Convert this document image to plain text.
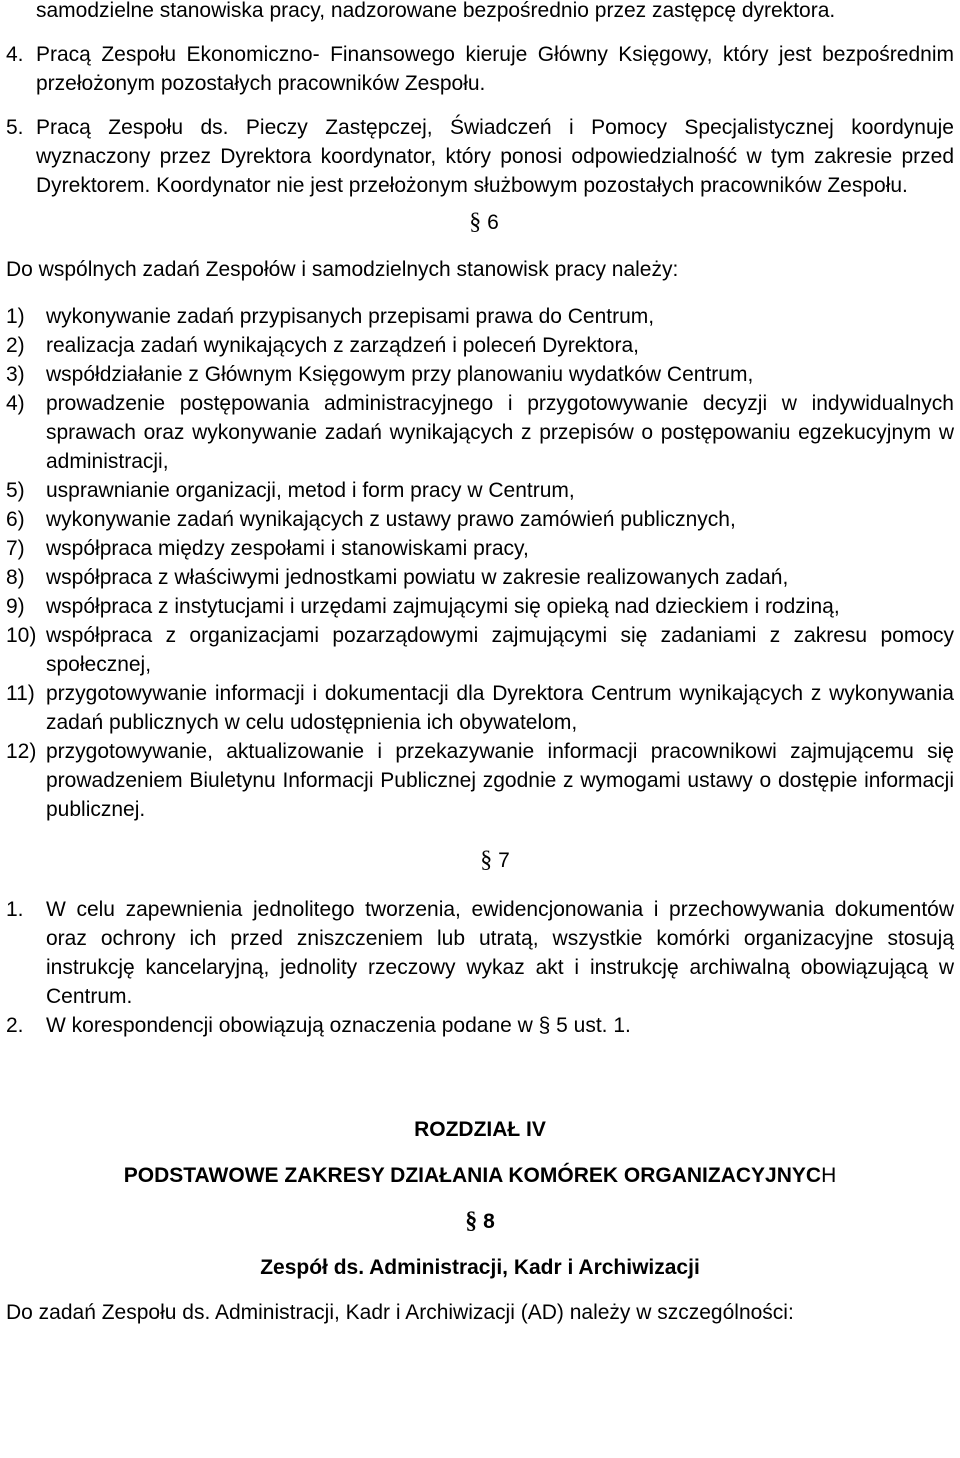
samodzielne stanowiska pracy, nadzorowane bezpośrednio przez zastępcę dyrektora.
4. Pracą Zespołu Ekonomiczno- Finansowego kieruje Główny Księgowy, który jest bezpośrednim przełożonym pozostałych pracowników Zespołu.
5. Pracą Zespołu ds. Pieczy Zastępczej, Świadczeń i Pomocy Specjalistycznej koordynuje wyznaczony przez Dyrektora koordynator, który ponosi odpowiedzialność w tym zakresie przed Dyrektorem. Koordynator nie jest przełożonym służbowym pozostałych pracowników Zespołu.
§ 6
Do wspólnych zadań Zespołów i samodzielnych stanowisk pracy należy:
1)	wykonywanie zadań przypisanych przepisami prawa do Centrum,
2)	realizacja zadań wynikających z zarządzeń i poleceń Dyrektora,
3)	współdziałanie z Głównym Księgowym przy planowaniu wydatków Centrum,
4)	prowadzenie postępowania administracyjnego i przygotowywanie decyzji w indywidualnych sprawach oraz wykonywanie zadań wynikających z przepisów o postępowaniu egzekucyjnym w administracji,
5)	usprawnianie organizacji, metod i form pracy w Centrum,
6)	wykonywanie zadań wynikających z ustawy prawo zamówień publicznych,
7)	współpraca między zespołami i stanowiskami pracy,
8)	współpraca z właściwymi jednostkami powiatu w zakresie realizowanych zadań,
9)	współpraca z instytucjami i urzędami zajmującymi się opieką nad dzieckiem i rodziną,
10) współpraca z organizacjami pozarządowymi zajmującymi się zadaniami z zakresu pomocy społecznej,
11) przygotowywanie informacji i dokumentacji dla Dyrektora Centrum wynikających z wykonywania zadań publicznych w celu udostępnienia ich obywatelom,
12) przygotowywanie, aktualizowanie i przekazywanie informacji pracownikowi zajmującemu się prowadzeniem Biuletynu Informacji Publicznej zgodnie z wymogami ustawy o dostępie informacji publicznej.
§ 7
1.	W celu zapewnienia jednolitego tworzenia, ewidencjonowania i przechowywania dokumentów oraz ochrony ich przed zniszczeniem lub utratą, wszystkie komórki organizacyjne stosują instrukcję kancelaryjną, jednolity rzeczowy wykaz akt i instrukcję archiwalną obowiązującą w Centrum.
2.	W korespondencji obowiązują oznaczenia podane w § 5 ust. 1.
ROZDZIAŁ IV
PODSTAWOWE ZAKRESY DZIAŁANIA KOMÓREK ORGANIZACYJNYCH
§ 8
Zespół ds. Administracji, Kadr i Archiwizacji
Do zadań Zespołu ds. Administracji, Kadr i Archiwizacji (AD) należy w szczególności:
